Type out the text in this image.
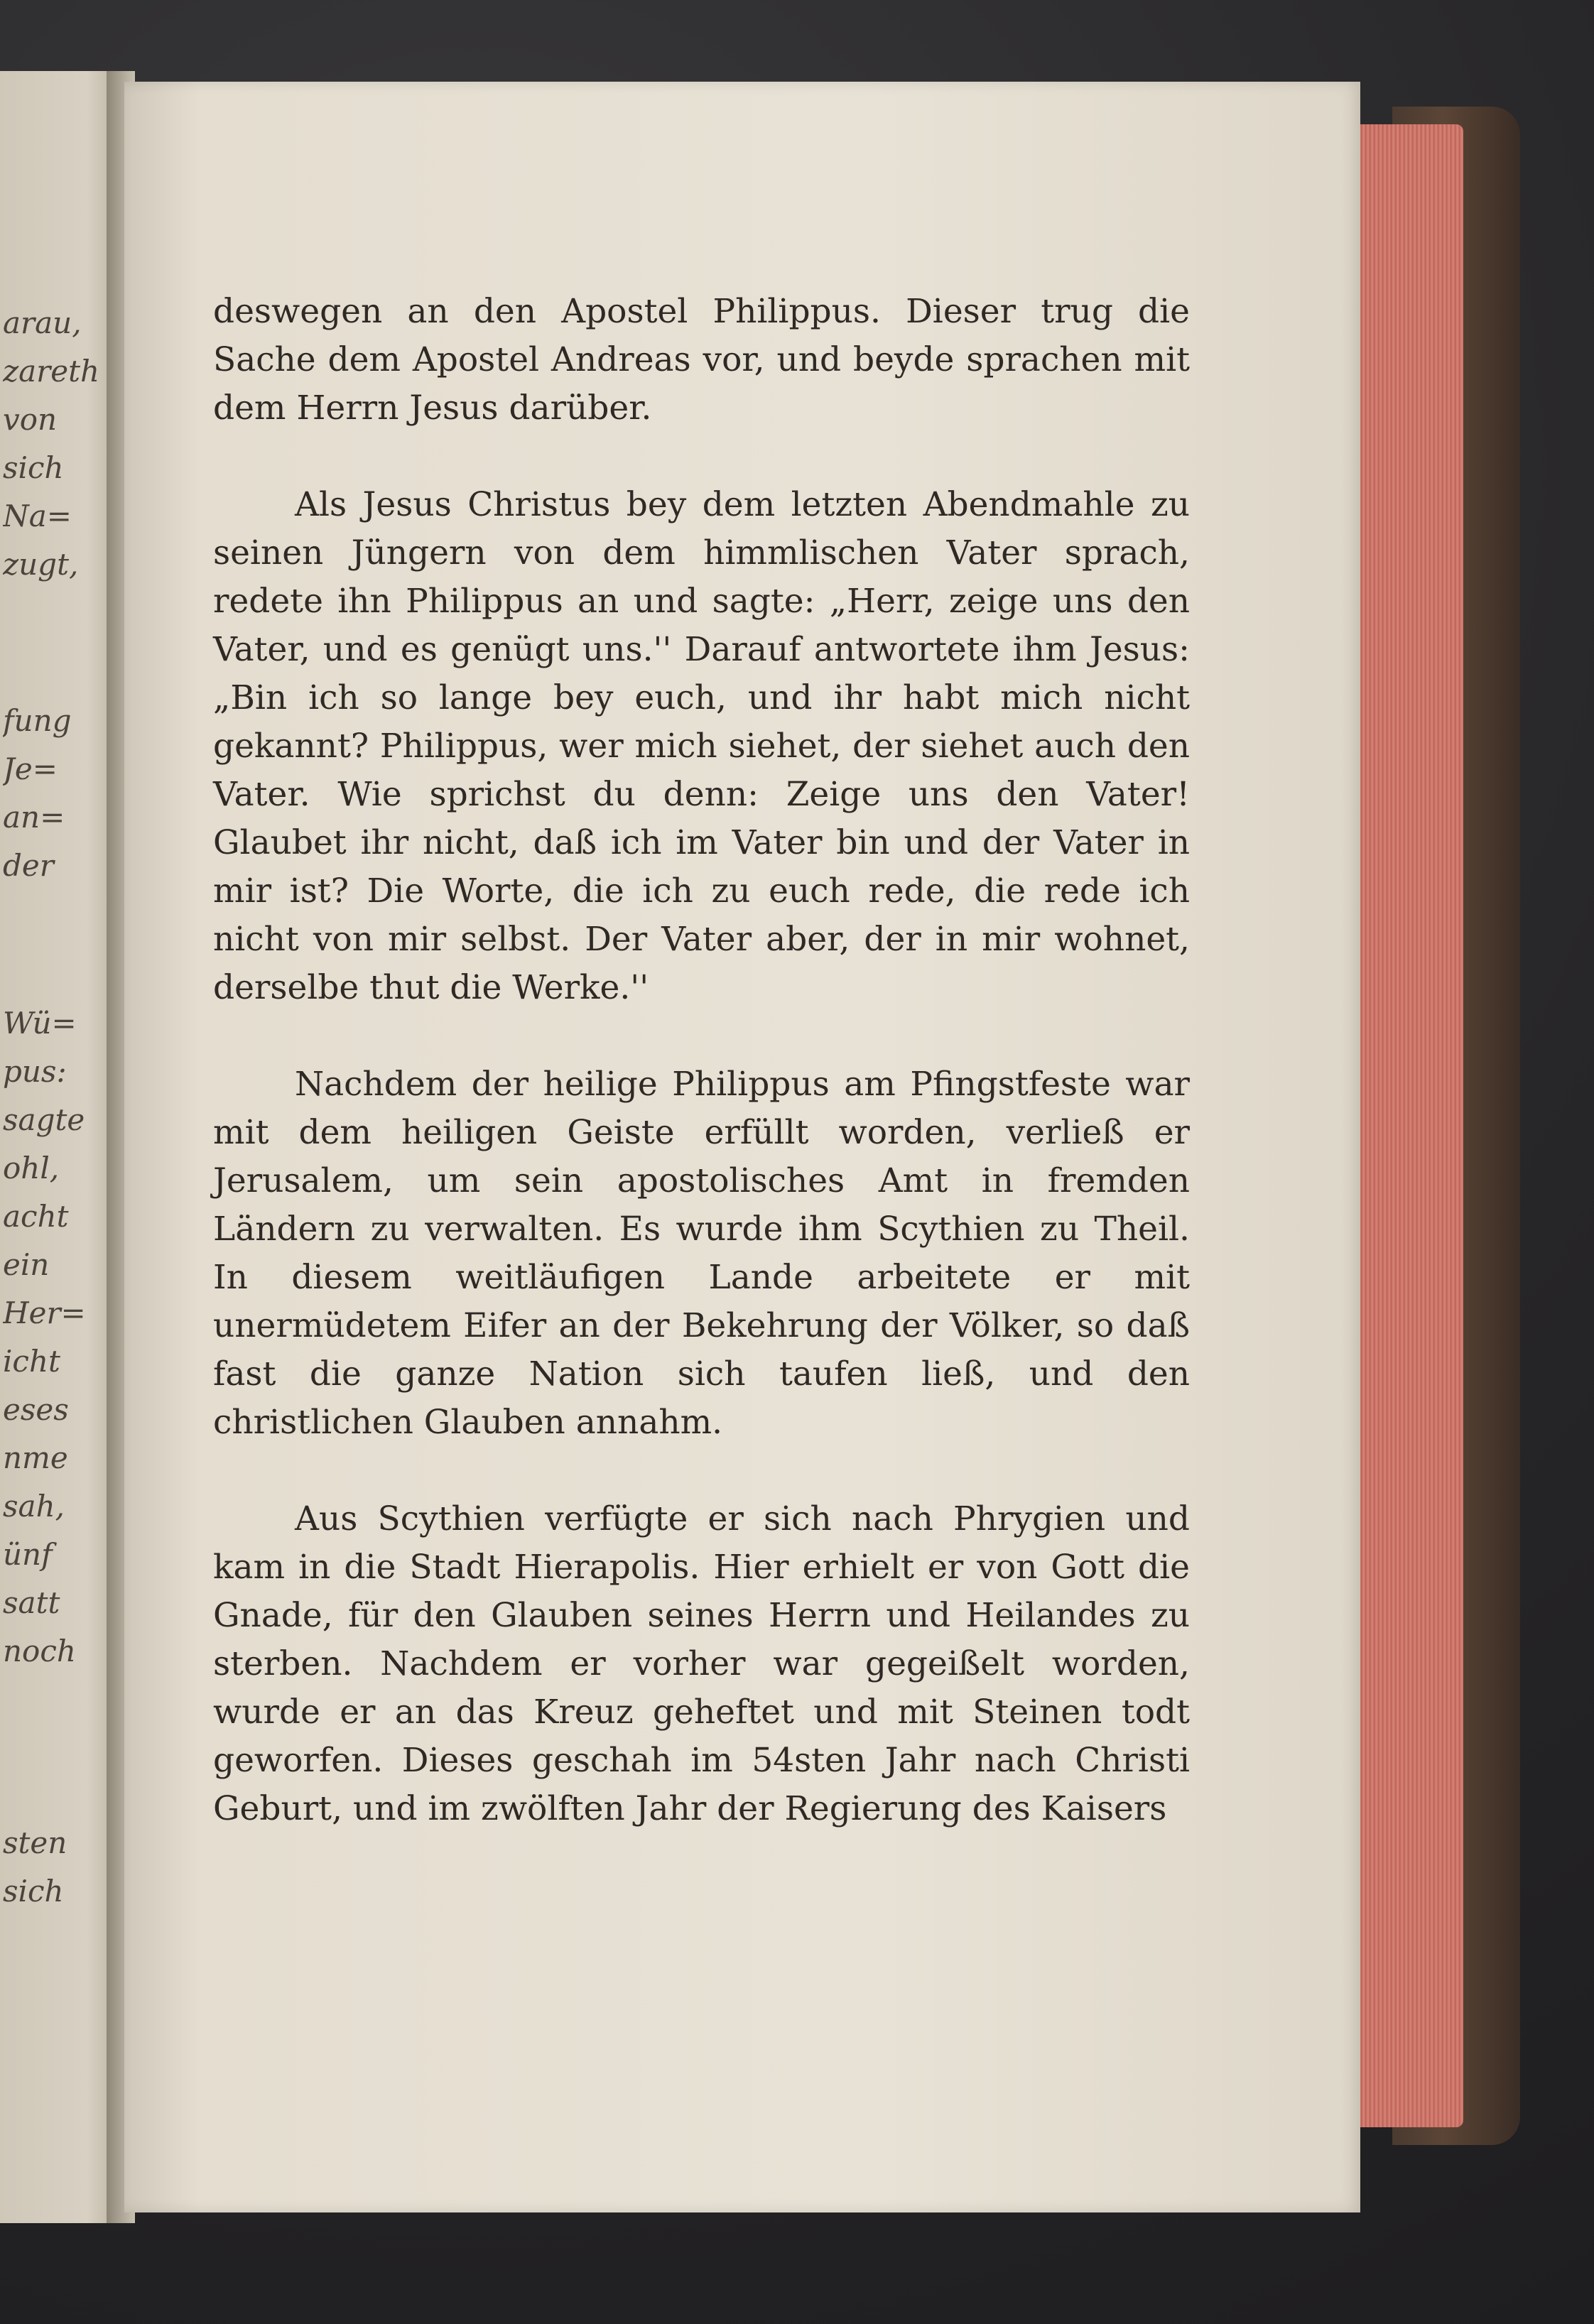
arau,
zareth
von
sich
Na=
zugt,
fung
Je=
an=
der
Wü=
pus:
sagte
ohl,
acht
ein
Her=
icht
eses
nme
sah,
ünf
satt
noch
sten
sich

deswegen an den Apostel Philippus. Dieser trug die Sache dem Apostel Andreas vor, und beyde sprachen mit dem Herrn Jesus darüber.

Als Jesus Christus bey dem letzten Abendmahle zu seinen Jüngern von dem himmlischen Vater sprach, redete ihn Philippus an und sagte: „Herr, zeige uns den Vater, und es genügt uns.'' Darauf antwortete ihm Jesus: „Bin ich so lange bey euch, und ihr habt mich nicht gekannt? Philippus, wer mich siehet, der siehet auch den Vater. Wie sprichst du denn: Zeige uns den Vater! Glaubet ihr nicht, daß ich im Vater bin und der Vater in mir ist? Die Worte, die ich zu euch rede, die rede ich nicht von mir selbst. Der Vater aber, der in mir wohnet, derselbe thut die Werke.''

Nachdem der heilige Philippus am Pfingstfeste war mit dem heiligen Geiste erfüllt worden, verließ er Jerusalem, um sein apostolisches Amt in fremden Ländern zu verwalten. Es wurde ihm Scythien zu Theil. In diesem weitläufigen Lande arbeitete er mit unermüdetem Eifer an der Bekehrung der Völker, so daß fast die ganze Nation sich taufen ließ, und den christlichen Glauben annahm.

Aus Scythien verfügte er sich nach Phrygien und kam in die Stadt Hierapolis. Hier erhielt er von Gott die Gnade, für den Glauben seines Herrn und Heilandes zu sterben. Nachdem er vorher war gegeißelt worden, wurde er an das Kreuz geheftet und mit Steinen todt geworfen. Dieses geschah im 54sten Jahr nach Christi Geburt, und im zwölften Jahr der Regierung des Kaisers
